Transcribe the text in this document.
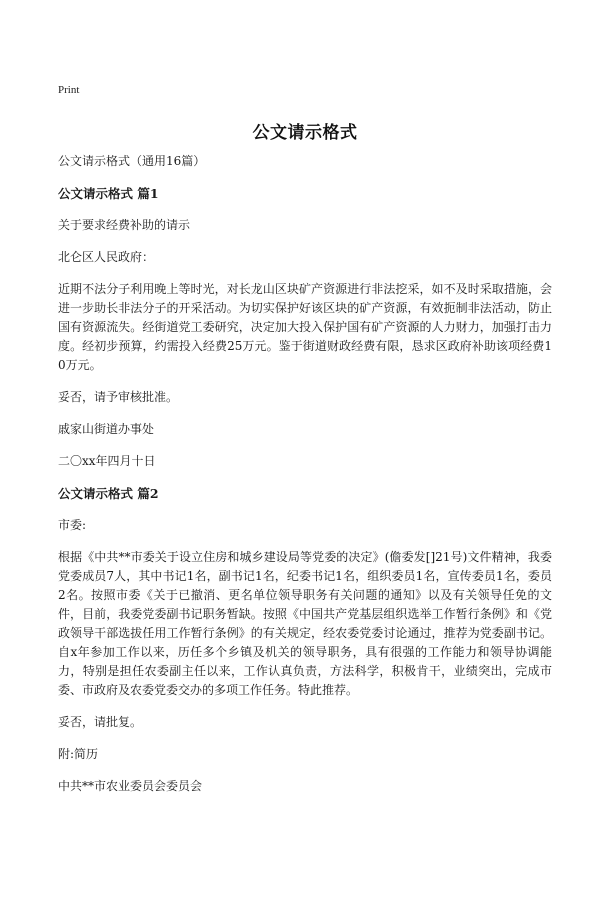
Print
公文请示格式

公文请示格式（通用16篇）

公文请示格式 篇1

关于要求经费补助的请示

北仑区人民政府：

近期不法分子利用晚上等时光，对长龙山区块矿产资源进行非法挖采，如不及时采取措施，会进一步助长非法分子的开采活动。为切实保护好该区块的矿产资源，有效扼制非法活动，防止国有资源流失。经街道党工委研究，决定加大投入保护国有矿产资源的人力财力，加强打击力度。经初步预算，约需投入经费25万元。鉴于街道财政经费有限，恳求区政府补助该项经费10万元。

妥否，请予审核批准。

戚家山街道办事处

二〇xx年四月十日

公文请示格式 篇2

市委:

根据《中共**市委关于设立住房和城乡建设局等党委的决定》(儋委发[]21号)文件精神，我委党委成员7人，其中书记1名，副书记1名，纪委书记1名，组织委员1名，宣传委员1名，委员2名。按照市委《关于已撤消、更名单位领导职务有关问题的通知》以及有关领导任免的文件，目前，我委党委副书记职务暂缺。按照《中国共产党基层组织选举工作暂行条例》和《党政领导干部选拔任用工作暂行条例》的有关规定，经农委党委讨论通过，推荐为党委副书记。自x年参加工作以来，历任多个乡镇及机关的领导职务，具有很强的工作能力和领导协调能力，特别是担任农委副主任以来，工作认真负责，方法科学，积极肯干，业绩突出，完成市委、市政府及农委党委交办的多项工作任务。特此推荐。

妥否，请批复。

附:简历

中共**市农业委员会委员会
